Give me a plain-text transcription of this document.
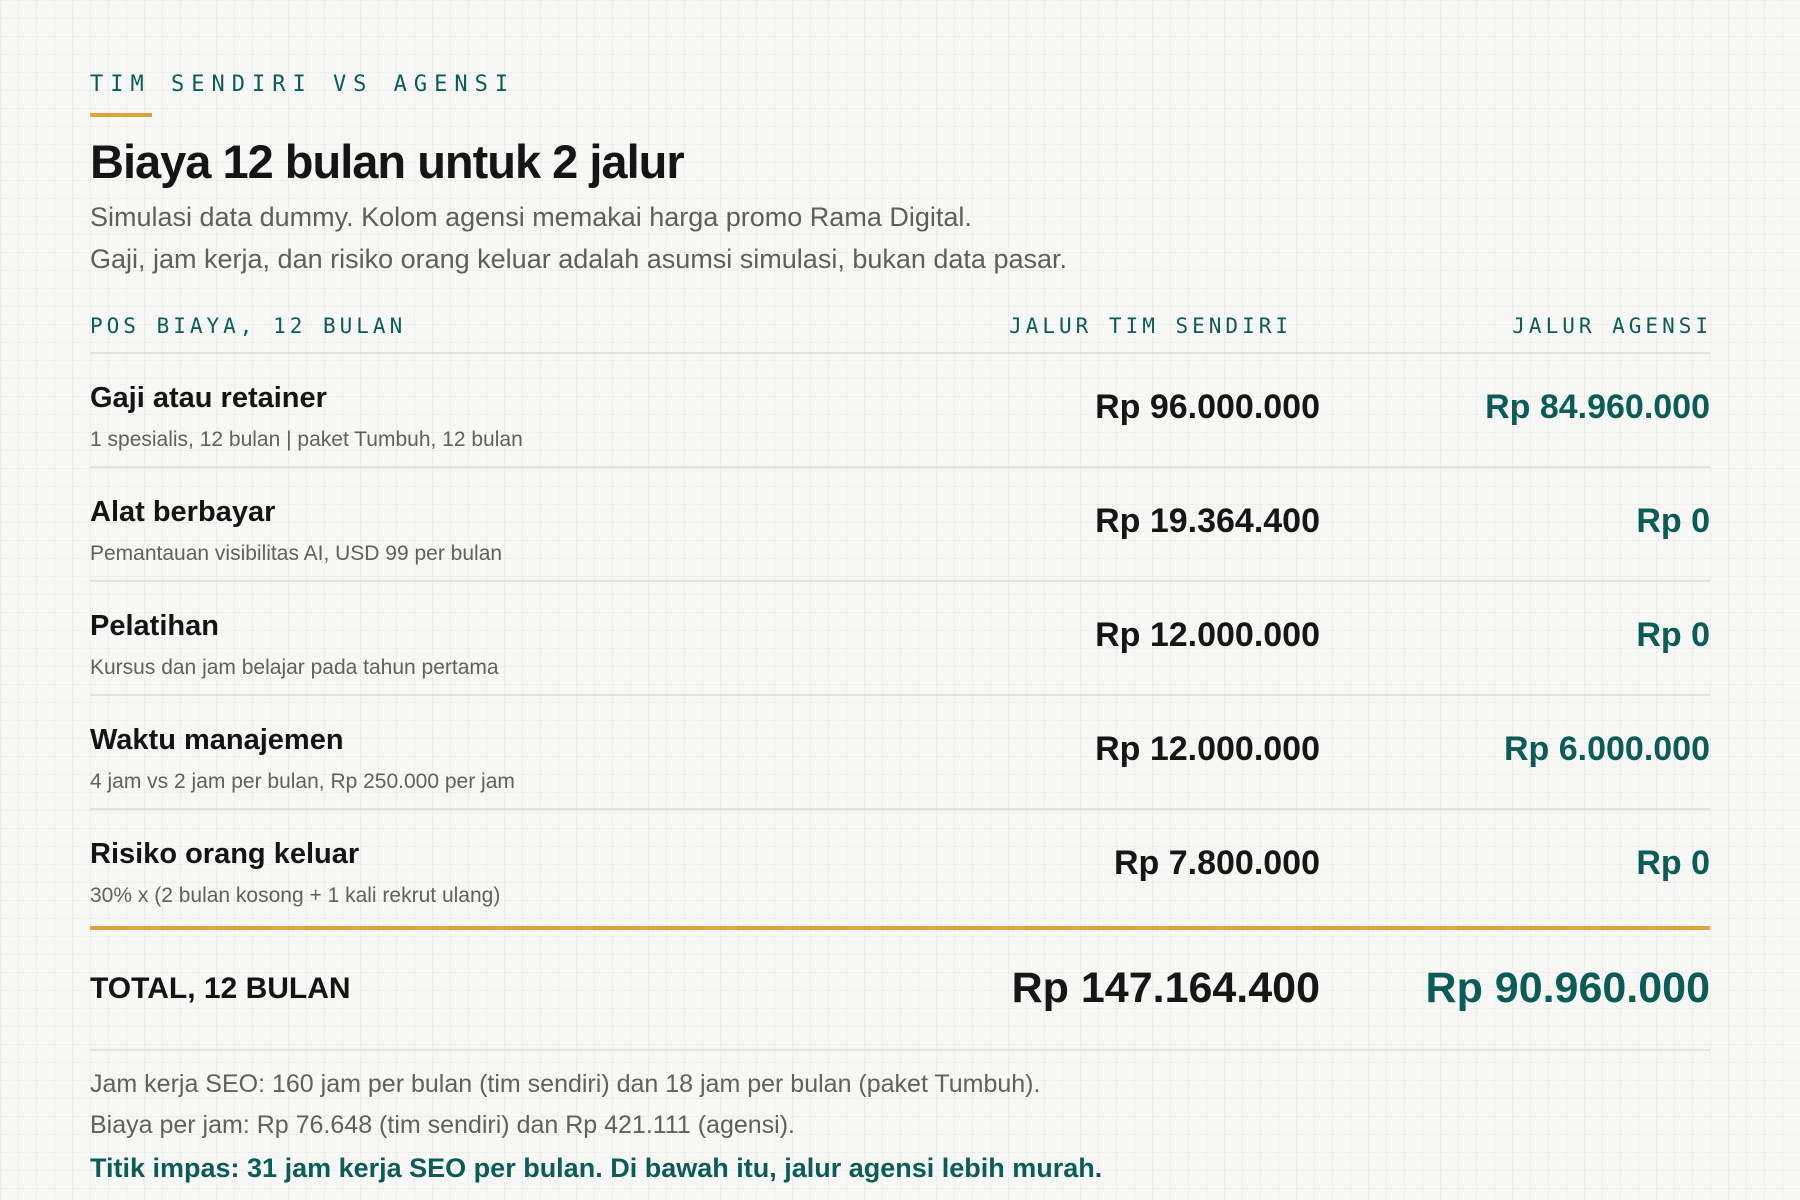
TIM SENDIRI VS AGENSI
Biaya 12 bulan untuk 2 jalur
Simulasi data dummy. Kolom agensi memakai harga promo Rama Digital.
Gaji, jam kerja, dan risiko orang keluar adalah asumsi simulasi, bukan data pasar.
POS BIAYA, 12 BULAN	JALUR TIM SENDIRI	JALUR AGENSI
Gaji atau retainer
1 spesialis, 12 bulan | paket Tumbuh, 12 bulan
Rp 96.000.000	Rp 84.960.000
Alat berbayar
Pemantauan visibilitas AI, USD 99 per bulan
Rp 19.364.400	Rp 0
Pelatihan
Kursus dan jam belajar pada tahun pertama
Rp 12.000.000	Rp 0
Waktu manajemen
4 jam vs 2 jam per bulan, Rp 250.000 per jam
Rp 12.000.000	Rp 6.000.000
Risiko orang keluar
30% x (2 bulan kosong + 1 kali rekrut ulang)
Rp 7.800.000	Rp 0
TOTAL, 12 BULAN	Rp 147.164.400 Rp 90.960.000
Jam kerja SEO: 160 jam per bulan (tim sendiri) dan 18 jam per bulan (paket Tumbuh).
Biaya per jam: Rp 76.648 (tim sendiri) dan Rp 421.111 (agensi).
Titik impas: 31 jam kerja SEO per bulan. Di bawah itu, jalur agensi lebih murah.
